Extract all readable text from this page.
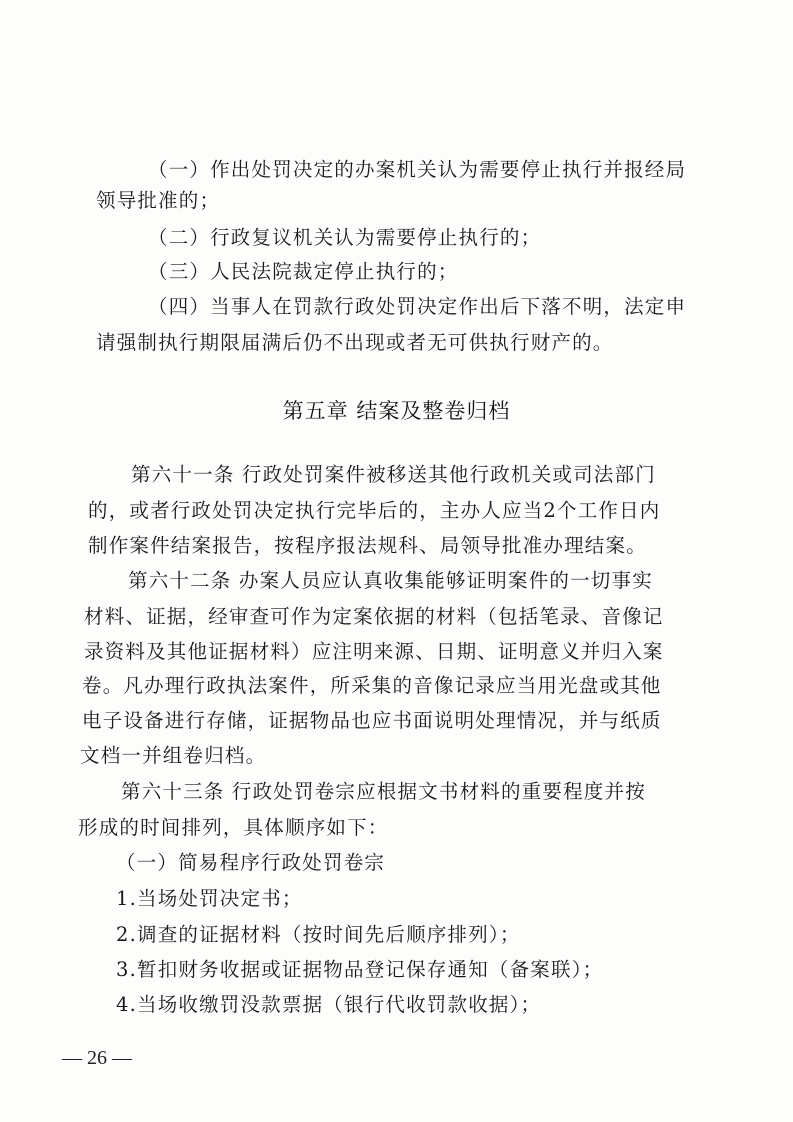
（一）作出处罚决定的办案机关认为需要停止执行并报经局
领导批准的；
（二）行政复议机关认为需要停止执行的；
（三）人民法院裁定停止执行的；
（四）当事人在罚款行政处罚决定作出后下落不明，法定申
请强制执行期限届满后仍不出现或者无可供执行财产的。
第五章 结案及整卷归档
第六十一条 行政处罚案件被移送其他行政机关或司法部门
的，或者行政处罚决定执行完毕后的，主办人应当2个工作日内
制作案件结案报告，按程序报法规科、局领导批准办理结案。
第六十二条 办案人员应认真收集能够证明案件的一切事实
材料、证据，经审查可作为定案依据的材料（包括笔录、音像记
录资料及其他证据材料）应注明来源、日期、证明意义并归入案
卷。凡办理行政执法案件，所采集的音像记录应当用光盘或其他
电子设备进行存储，证据物品也应书面说明处理情况，并与纸质
文档一并组卷归档。
第六十三条 行政处罚卷宗应根据文书材料的重要程度并按
形成的时间排列，具体顺序如下：
（一）简易程序行政处罚卷宗
1.当场处罚决定书；
2.调查的证据材料（按时间先后顺序排列）；
3.暂扣财务收据或证据物品登记保存通知（备案联）；
4.当场收缴罚没款票据（银行代收罚款收据）；
— 26 —
